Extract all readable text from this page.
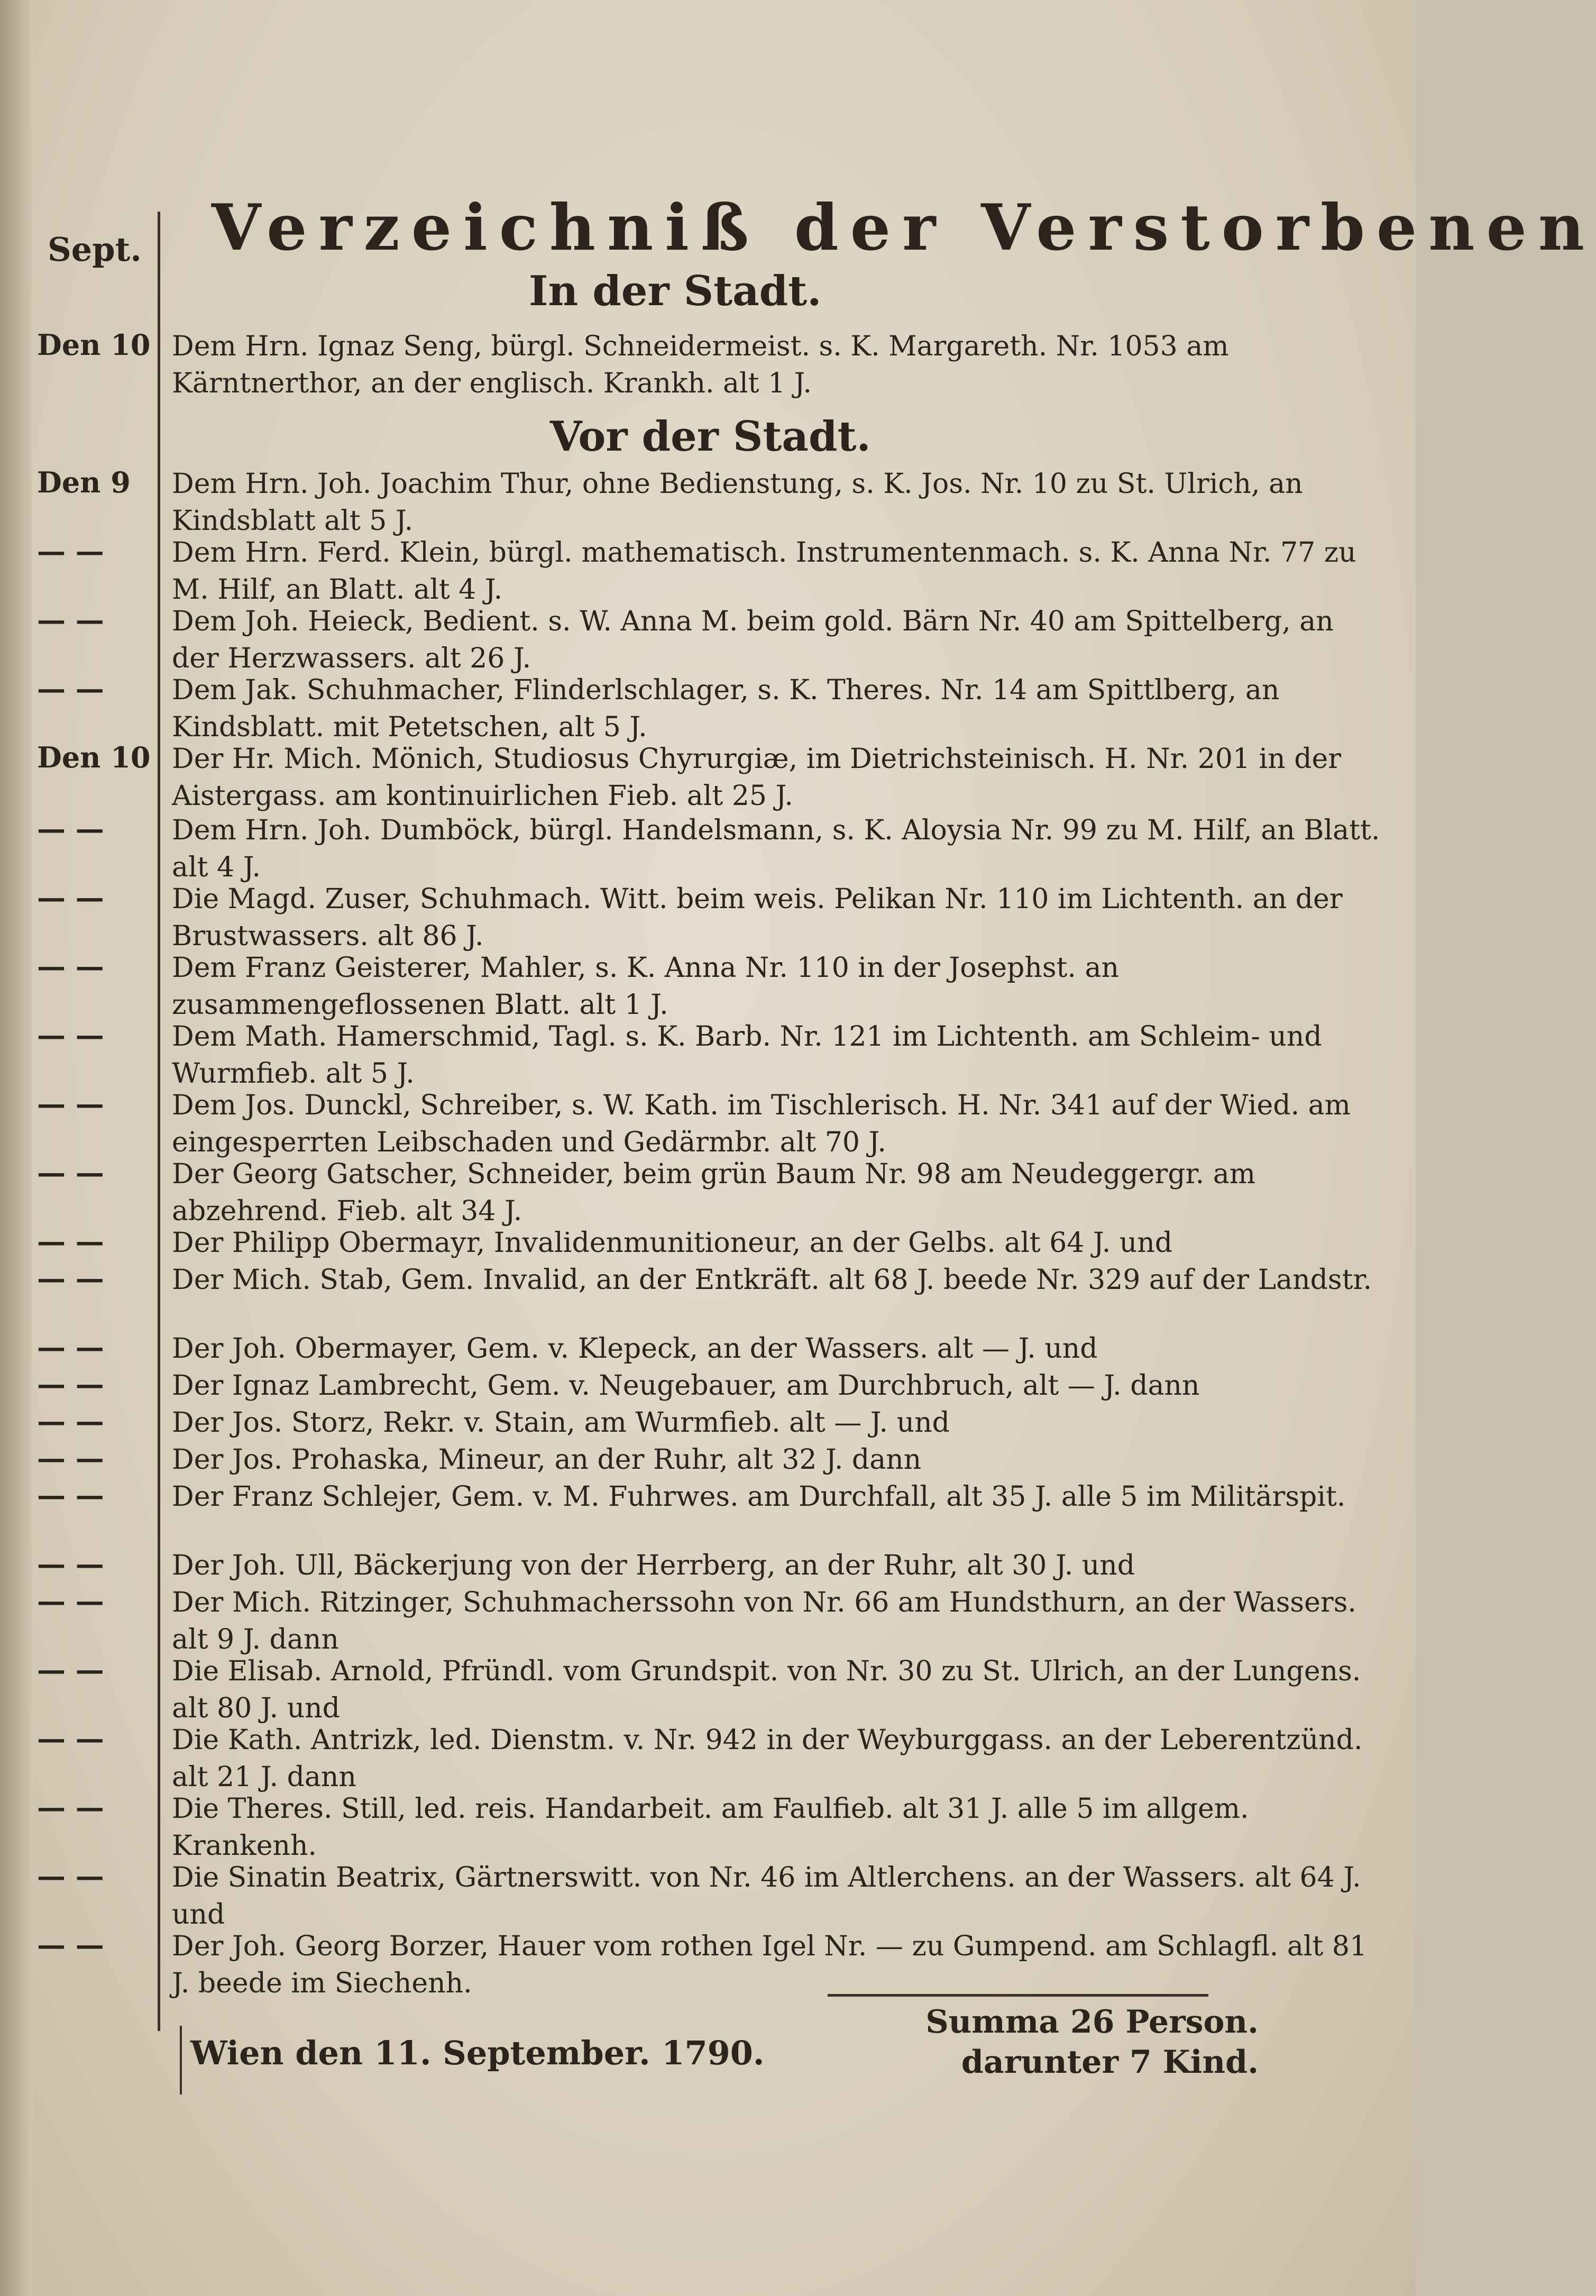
Sept. Verzeichniß der Verstorbenen
In der Stadt.
Den 10 Dem Hrn. Ignaz Seng, bürgl. Schneidermeist. s. K. Margareth. Nr. 1053 am Kärntnerthor, an der englisch. Krankh. alt 1 J.
Vor der Stadt.
Den 9	Dem Hrn. Joh. Joachim Thur, ohne Bedienstung, s. K. Jos. Nr. 10 zu St. Ulrich, an Kindsblatt alt 5 J.
— —	Dem Hrn. Ferd. Klein, bürgl. mathematisch. Instrumentenmach. s. K. Anna Nr. 77 zu M. Hilf, an Blatt. alt 4 J.
— —	Dem Joh. Heieck, Bedient. s. W. Anna M. beim gold. Bärn Nr. 40 am Spittelberg, an der Herzwassers. alt 26 J.
— —	Dem Jak. Schuhmacher, Flinderlschlager, s. K. Theres. Nr. 14 am Spittlberg, an Kindsblatt. mit Petetschen, alt 5 J.
Den 10 Der Hr. Mich. Mönich, Studiosus Chyrurgiæ, im Dietrichsteinisch. H. Nr. 201 in der Aistergass. am kontinuirlichen Fieb. alt 25 J.
— —	Dem Hrn. Joh. Dumböck, bürgl. Handelsmann, s. K. Aloysia Nr. 99 zu M. Hilf, an Blatt. alt 4 J.
— —	Die Magd. Zuser, Schuhmach. Witt. beim weis. Pelikan Nr. 110 im Lichtenth. an der Brustwassers. alt 86 J.
— —	Dem Franz Geisterer, Mahler, s. K. Anna Nr. 110 in der Josephst. an zusammengeflossenen Blatt. alt 1 J.
— —	Dem Math. Hamerschmid, Tagl. s. K. Barb. Nr. 121 im Lichtenth. am Schleim- und Wurmfieb. alt 5 J.
— —	Dem Jos. Dunckl, Schreiber, s. W. Kath. im Tischlerisch. H. Nr. 341 auf der Wied. am eingesperrten Leibschaden und Gedärmbr. alt 70 J.
— —	Der Georg Gatscher, Schneider, beim grün Baum Nr. 98 am Neudeggergr. am abzehrend. Fieb. alt 34 J.
— —	Der Philipp Obermayr, Invalidenmunitioneur, an der Gelbs. alt 64 J. und
— —	Der Mich. Stab, Gem. Invalid, an der Entkräft. alt 68 J. beede Nr. 329 auf der Landstr.
— —	Der Joh. Obermayer, Gem. v. Klepeck, an der Wassers. alt — J. und
— —	Der Ignaz Lambrecht, Gem. v. Neugebauer, am Durchbruch, alt — J. dann
— —	Der Jos. Storz, Rekr. v. Stain, am Wurmfieb. alt — J. und
— —	Der Jos. Prohaska, Mineur, an der Ruhr, alt 32 J. dann
— —	Der Franz Schlejer, Gem. v. M. Fuhrwes. am Durchfall, alt 35 J. alle 5 im Militärspit.
— —	Der Joh. Ull, Bäckerjung von der Herrberg, an der Ruhr, alt 30 J. und
— —	Der Mich. Ritzinger, Schuhmacherssohn von Nr. 66 am Hundsthurn, an der Wassers. alt 9 J. dann
— —	Die Elisab. Arnold, Pfründl. vom Grundspit. von Nr. 30 zu St. Ulrich, an der Lungens. alt 80 J. und
— —	Die Kath. Antrizk, led. Dienstm. v. Nr. 942 in der Weyburggass. an der Leberentzünd. alt 21 J. dann
— —	Die Theres. Still, led. reis. Handarbeit. am Faulfieb. alt 31 J. alle 5 im allgem. Krankenh.
— —	Die Sinatin Beatrix, Gärtnerswitt. von Nr. 46 im Altlerchens. an der Wassers. alt 64 J. und
— —	Der Joh. Georg Borzer, Hauer vom rothen Igel Nr. — zu Gumpend. am Schlagfl. alt 81 J. beede im Siechenh.
Summa 26 Person.
darunter 7 Kind.
Wien den 11. September. 1790.
